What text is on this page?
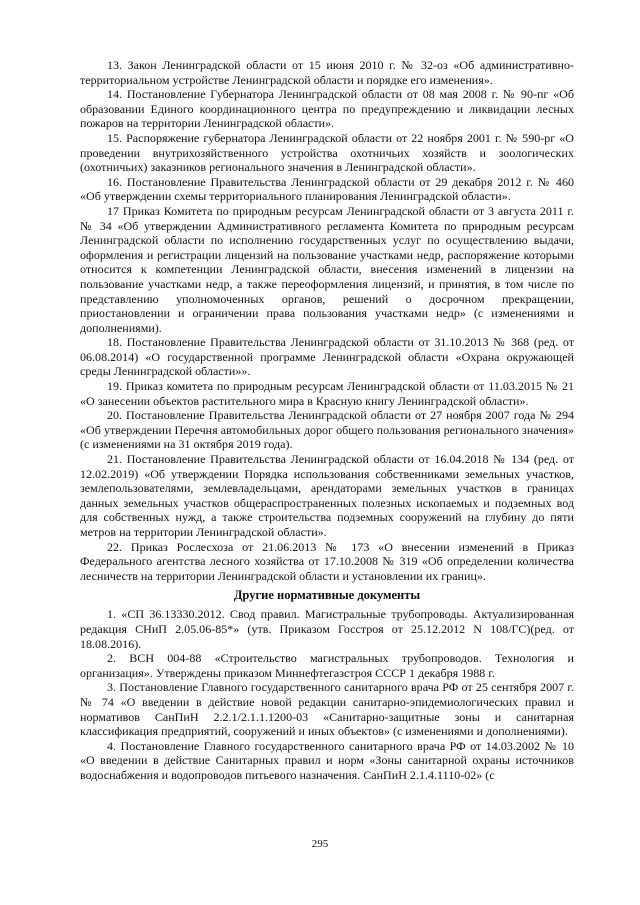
13. Закон Ленинградской области от 15 июня 2010 г. № 32-оз «Об административно-территориальном устройстве Ленинградской области и порядке его изменения».

14. Постановление Губернатора Ленинградской области от 08 мая 2008 г. № 90-пг «Об образовании Единого координационного центра по предупреждению и ликвидации лесных пожаров на территории Ленинградской области».

15. Распоряжение губернатора Ленинградской области от 22 ноября 2001 г. № 590-рг «О проведении внутрихозяйственного устройства охотничьих хозяйств и зоологических (охотничьих) заказников регионального значения в Ленинградской области».

16. Постановление Правительства Ленинградской области от 29 декабря 2012 г. № 460 «Об утверждении схемы территориального планирования Ленинградской области».

17 Приказ Комитета по природным ресурсам Ленинградской области от 3 августа 2011 г. № 34 «Об утверждении Административного регламента Комитета по природным ресурсам Ленинградской области по исполнению государственных услуг по осуществлению выдачи, оформления и регистрации лицензий на пользование участками недр, распоряжение которыми относится к компетенции Ленинградской области, внесения изменений в лицензии на пользование участками недр, а также переоформления лицензий, и принятия, в том числе по представлению уполномоченных органов, решений о досрочном прекращении, приостановлении и ограничении права пользования участками недр» (с изменениями и дополнениями).

18. Постановление Правительства Ленинградской области от 31.10.2013 № 368 (ред. от 06.08.2014) «О государственной программе Ленинградской области «Охрана окружающей среды Ленинградской области»».

19. Приказ комитета по природным ресурсам Ленинградской области от 11.03.2015 № 21 «О занесении объектов растительного мира в Красную книгу Ленинградской области».

20. Постановление Правительства Ленинградской области от 27 ноября 2007 года № 294 «Об утверждении Перечня автомобильных дорог общего пользования регионального значения» (с изменениями на 31 октября 2019 года).

21. Постановление Правительства Ленинградской области от 16.04.2018 № 134 (ред. от 12.02.2019) «Об утверждении Порядка использования собственниками земельных участков, землепользователями, землевладельцами, арендаторами земельных участков в границах данных земельных участков общераспространенных полезных ископаемых и подземных вод для собственных нужд, а также строительства подземных сооружений на глубину до пяти метров на территории Ленинградской области».

22. Приказ Рослесхоза от 21.06.2013 № 173 «О внесении изменений в Приказ Федерального агентства лесного хозяйства от 17.10.2008 № 319 «Об определении количества лесничеств на территории Ленинградской области и установлении их границ».

Другие нормативные документы

1. «СП 36.13330.2012. Свод правил. Магистральные трубопроводы. Актуализированная редакция СНиП 2.05.06-85*» (утв. Приказом Госстроя от 25.12.2012 N 108/ГС)(ред. от 18.08.2016).

2. ВСН 004-88 «Строительство магистральных трубопроводов. Технология и организация». Утверждены приказом Миннефтегазстроя СССР 1 декабря 1988 г.

3. Постановление Главного государственного санитарного врача РФ от 25 сентября 2007 г. № 74 «О введении в действие новой редакции санитарно-эпидемиологических правил и нормативов СанПиН 2.2.1/2.1.1.1200-03 «Санитарно-защитные зоны и санитарная классификация предприятий, сооружений и иных объектов» (с изменениями и дополнениями).

4. Постановление Главного государственного санитарного врача РФ от 14.03.2002 № 10 «О введении в действие Санитарных правил и норм «Зоны санитарной охраны источников водоснабжения и водопроводов питьевого назначения. СанПиН 2.1.4.1110-02» (с

295
